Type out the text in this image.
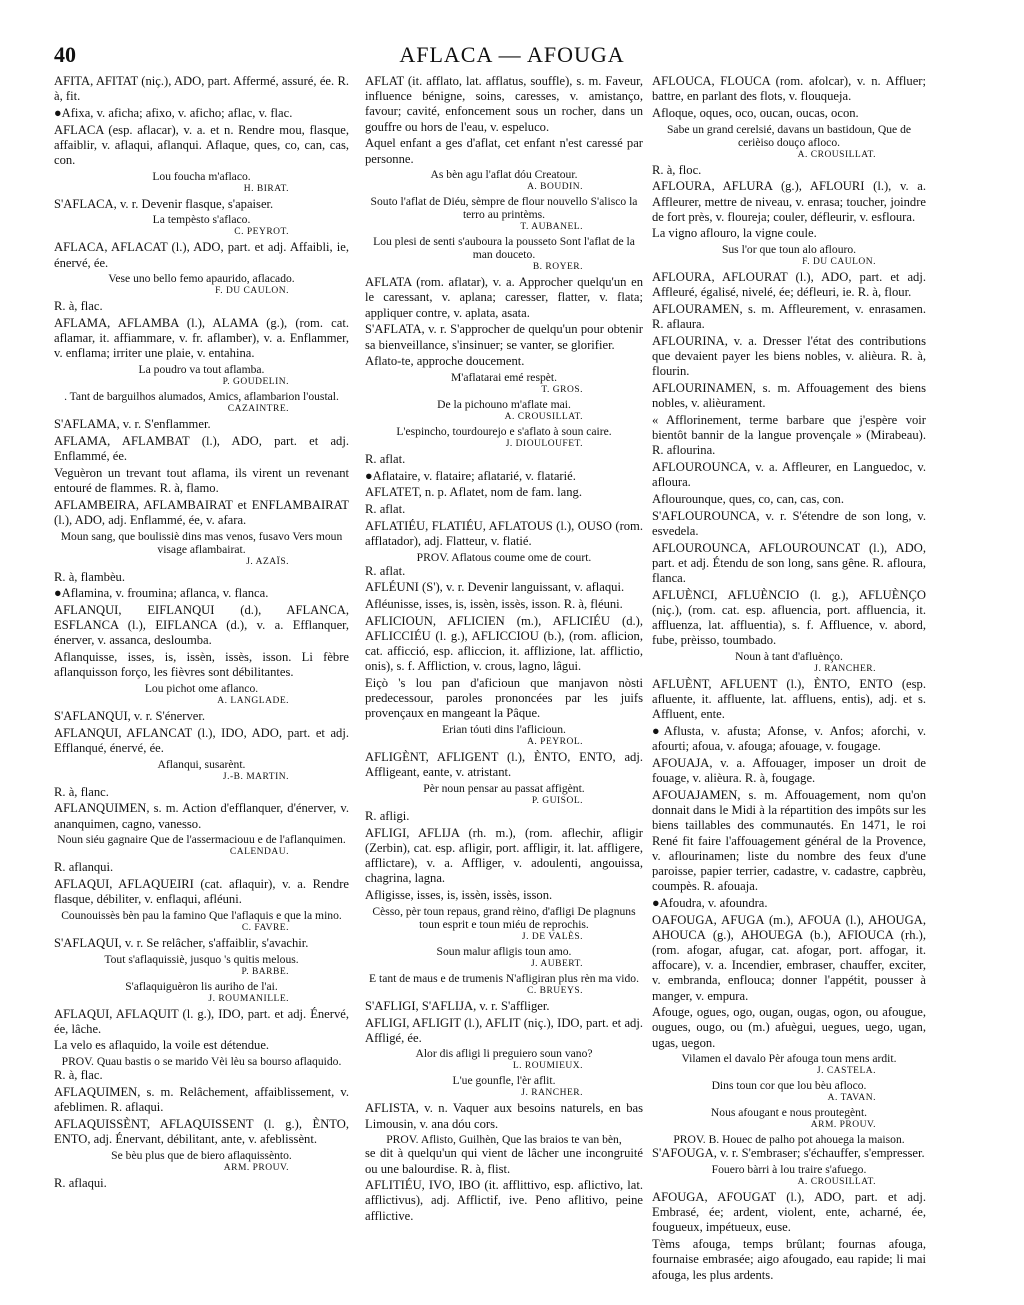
40	AFLACA — AFOUGA

AFITA, AFITAT (niç.), ADO, part. Affermé, assuré, ée. R. à, fit.

●Afixa, v. aficha; afixo, v. aficho; aflac, v. flac.

AFLACA (esp. aflacar), v. a. et n. Rendre mou, flasque, affaiblir, v. aflaqui, aflanqui. Aflaque, ques, co, can, cas, con.

Lou foucha m'aflaco.

H. BIRAT.

S'AFLACA, v. r. Devenir flasque, s'apaiser.

La tempèsto s'aflaco.

C. PEYROT.

AFLACA, AFLACAT (l.), ADO, part. et adj. Affaibli, ie, énervé, ée.

Vese uno bello femo apaurido, aflacado.

F. DU CAULON.

R. à, flac.

AFLAMA, AFLAMBA (l.), ALAMA (g.), (rom. cat. aflamar, it. affiammare, v. fr. aflamber), v. a. Enflammer, v. enflama; irriter une plaie, v. entahina.

La poudro va tout aflamba.

P. GOUDELIN.

. Tant de barguilhos alumados, Amics, aflambarion l'oustal.

CAZAINTRE.

S'AFLAMA, v. r. S'enflammer.

AFLAMA, AFLAMBAT (l.), ADO, part. et adj. Enflammé, ée.

Veguèron un trevant tout aflama, ils virent un revenant entouré de flammes. R. à, flamo.

AFLAMBEIRA, AFLAMBAIRAT et ENFLAMBAIRAT (l.), ADO, adj. Enflammé, ée, v. afara.

Moun sang, que boulissiè dins mas venos, fusavo Vers moun visage aflambairat.

J. AZAÏS.

R. à, flambèu.

●Aflamina, v. froumina; aflanca, v. flanca.

AFLANQUI, EIFLANQUI (d.), AFLANCA, ESFLANCA (l.), EIFLANCA (d.), v. a. Efflanquer, énerver, v. assanca, desloumba.

Aflanquisse, isses, is, issèn, issès, isson. Li fèbre aflanquisson forço, les fièvres sont débilitantes.

Lou pichot ome aflanco.

A. LANGLADE.

S'AFLANQUI, v. r. S'énerver.

AFLANQUI, AFLANCAT (l.), IDO, ADO, part. et adj. Efflanqué, énervé, ée.

Aflanqui, susarènt.

J.-B. MARTIN.

R. à, flanc.

AFLANQUIMEN, s. m. Action d'efflanquer, d'énerver, v. ananquimen, cagno, vanesso.

Noun siéu gagnaire Que de l'assermaciouu e de l'aflanquimen.

CALENDAU.

R. aflanqui.

AFLAQUI, AFLAQUEIRI (cat. aflaquir), v. a. Rendre flasque, débiliter, v. enflaqui, afléuni.

Counouissès bèn pau la famino Que l'aflaquis e que la mino.

C. FAVRE.

S'AFLAQUI, v. r. Se relâcher, s'affaiblir, s'avachir.

Tout s'aflaquissiè, jusquo 's quitis melous.

P. BARBE.

S'aflaquiguèron lis auriho de l'ai.

J. ROUMANILLE.

AFLAQUI, AFLAQUIT (l. g.), IDO, part. et adj. Énervé, ée, lâche.

La velo es aflaquido, la voile est détendue.

PROV. Quau bastis o se marido Vèi lèu sa bourso aflaquido.

R. à, flac.

AFLAQUIMEN, s. m. Relâchement, affaiblissement, v. afeblimen. R. aflaqui.

AFLAQUISSÈNT, AFLAQUISSENT (l. g.), ÈNTO, ENTO, adj. Énervant, débilitant, ante, v. afeblissènt.

Se bèu plus que de biero aflaquissènto.

ARM. PROUV.

R. aflaqui.

AFLAT (it. afflato, lat. afflatus, souffle), s. m. Faveur, influence bénigne, soins, caresses, v. amistanço, favour; cavité, enfoncement sous un rocher, dans un gouffre ou hors de l'eau, v. espeluco.

Aquel enfant a ges d'aflat, cet enfant n'est caressé par personne.

As bèn agu l'aflat dóu Creatour.

A. BOUDIN.

Souto l'aflat de Diéu, sèmpre de flour nouvello S'alisco la terro au printèms.

T. AUBANEL.

Lou plesi de senti s'auboura la pousseto Sont l'aflat de la man douceto.

B. ROYER.

AFLATA (rom. aflatar), v. a. Approcher quelqu'un en le caressant, v. aplana; caresser, flatter, v. flata; appliquer contre, v. aplata, asata.

S'AFLATA, v. r. S'approcher de quelqu'un pour obtenir sa bienveillance, s'insinuer; se vanter, se glorifier.

Aflato-te, approche doucement.

M'aflatarai emé respèt.

T. GROS.

De la pichouno m'aflate mai.

A. CROUSILLAT.

L'espincho, tourdourejo e s'aflato à soun caire.

J. DIOULOUFET.

R. aflat.

●Aflataire, v. flataire; aflatarié, v. flatarié.

AFLATET, n. p. Aflatet, nom de fam. lang.

R. aflat.

AFLATIÉU, FLATIÉU, AFLATOUS (l.), OUSO (rom. afflatador), adj. Flatteur, v. flatié.

PROV. Aflatous coume ome de court.

R. aflat.

AFLÉUNI (S'), v. r. Devenir languissant, v. aflaqui.

Afléunisse, isses, is, issèn, issès, isson. R. à, fléuni.

AFLICIOUN, AFLICIEN (m.), AFLICIÉU (d.), AFLICCIÉU (l. g.), AFLICCIOU (b.), (rom. aflicion, cat. afficció, esp. afliccion, it. afflizione, lat. afflictio, onis), s. f. Affliction, v. crous, lagno, lâgui.

Eiçò 's lou pan d'aficioun que manjavon nòsti predecessour, paroles prononcées par les juifs provençaux en mangeant la Pâque.

Erian tóuti dins l'aflicioun.

A. PEYROL.

AFLIGÈNT, AFLIGENT (l.), ÈNTO, ENTO, adj. Affligeant, eante, v. atristant.

Pèr noun pensar au passat affigènt.

P. GUISOL.

R. afligi.

AFLIGI, AFLIJA (rh. m.), (rom. aflechir, afligir (Zerbin), cat. esp. afligir, port. affligir, it. lat. affligere, afflictare), v. a. Affliger, v. adoulenti, angouissa, chagrina, lagna.

Afligisse, isses, is, issèn, issès, isson.

Cèsso, pèr toun repaus, grand rèino, d'afligi De plagnuns toun esprit e toun miéu de reprochis.

J. DE VALÈS.

Soun malur afligis toun amo.

J. AUBERT.

E tant de maus e de trumenis N'afligiran plus rèn ma vido.

C. BRUEYS.

S'AFLIGI, S'AFLIJA, v. r. S'affliger.

AFLIGI, AFLIGIT (l.), AFLIT (niç.), IDO, part. et adj. Affligé, ée.

Alor dis afligi li preguiero soun vano?

L. ROUMIEUX.

L'ue gounfle, l'èr aflit.

J. RANCHER.

AFLISTA, v. n. Vaquer aux besoins naturels, en bas Limousin, v. ana dóu cors.

PROV. Aflisto, Guilhèn, Que las braios te van bèn,

se dit à quelqu'un qui vient de lâcher une incongruité ou une balourdise. R. à, flist.

AFLITIÉU, IVO, IBO (it. afflittivo, esp. aflictivo, lat. afflictivus), adj. Afflictif, ive. Peno aflitivo, peine afflictive.

AFLOUCA, FLOUCA (rom. afolcar), v. n. Affluer; battre, en parlant des flots, v. flouqueja.

Afloque, oques, oco, oucan, oucas, ocon.

Sabe un grand cerelsié, davans un bastidoun, Que de cerièiso douço afloco.

A. CROUSILLAT.

R. à, floc.

AFLOURA, AFLURA (g.), AFLOURI (l.), v. a. Affleurer, mettre de niveau, v. enrasa; toucher, joindre de fort près, v. floureja; couler, défleurir, v. esfloura.

La vigno aflouro, la vigne coule.

Sus l'or que toun alo aflouro.

F. DU CAULON.

AFLOURA, AFLOURAT (l.), ADO, part. et adj. Affleuré, égalisé, nivelé, ée; défleuri, ie. R. à, flour.

AFLOURAMEN, s. m. Affleurement, v. enrasamen. R. aflaura.

AFLOURINA, v. a. Dresser l'état des contributions que devaient payer les biens nobles, v. alièura. R. à, flourin.

AFLOURINAMEN, s. m. Affouagement des biens nobles, v. alièurament.

« Afflorinement, terme barbare que j'espère voir bientôt bannir de la langue provençale » (Mirabeau). R. aflourina.

AFLOUROUNCA, v. a. Affleurer, en Languedoc, v. afloura.

Aflourounque, ques, co, can, cas, con.

S'AFLOUROUNCA, v. r. S'étendre de son long, v. esvedela.

AFLOUROUNCA, AFLOUROUNCAT (l.), ADO, part. et adj. Étendu de son long, sans gêne. R. afloura, flanca.

AFLUÈNCI, AFLUÈNCIO (l. g.), AFLUÈNÇO (niç.), (rom. cat. esp. afluencia, port. affluencia, it. affluenza, lat. affluentia), s. f. Affluence, v. abord, fube, prèisso, toumbado.

Noun à tant d'afluènço.

J. RANCHER.

AFLUÈNT, AFLUENT (l.), ÈNTO, ENTO (esp. afluente, it. affluente, lat. affluens, entis), adj. et s. Affluent, ente.

●Aflusta, v. afusta; Afonse, v. Anfos; aforchi, v. afourti; afoua, v. afouga; afouage, v. fougage.

AFOUAJA, v. a. Affouager, imposer un droit de fouage, v. alièura. R. à, fougage.

AFOUAJAMEN, s. m. Affouagement, nom qu'on donnait dans le Midi à la répartition des impôts sur les biens taillables des communautés. En 1471, le roi René fit faire l'affouagement général de la Provence, v. aflourinamen; liste du nombre des feux d'une paroisse, papier terrier, cadastre, v. cadastre, capbrèu, coumpès. R. afouaja.

●Afoudra, v. afoundra.

OAFOUGA, AFUGA (m.), AFOUA (l.), AHOUGA, AHOUCA (g.), AHOUEGA (b.), AFIOUCA (rh.), (rom. afogar, afugar, cat. afogar, port. affogar, it. affocare), v. a. Incendier, embraser, chauffer, exciter, v. embranda, enflouca; donner l'appétit, pousser à manger, v. empura.

Afouge, ogues, ogo, ougan, ougas, ogon, ou afougue, ougues, ougo, ou (m.) afuègui, uegues, uego, ugan, ugas, uegon.

Vilamen el davalo Pèr afouga toun mens ardit.

J. CASTELA.

Dins toun cor que lou bèu afloco.

A. TAVAN.

Nous afougant e nous proutegènt.

ARM. PROUV.

PROV. B. Houec de palho pot ahouega la maison.

S'AFOUGA, v. r. S'embraser; s'échauffer, s'empresser.

Fouero bàrri à lou traire s'afuego.

A. CROUSILLAT.

AFOUGA, AFOUGAT (l.), ADO, part. et adj. Embrasé, ée; ardent, violent, ente, acharné, ée, fougueux, impétueux, euse.

Tèms afouga, temps brûlant; fournas afouga, fournaise embrasée; aigo afougado, eau rapide; li mai afouga, les plus ardents.
